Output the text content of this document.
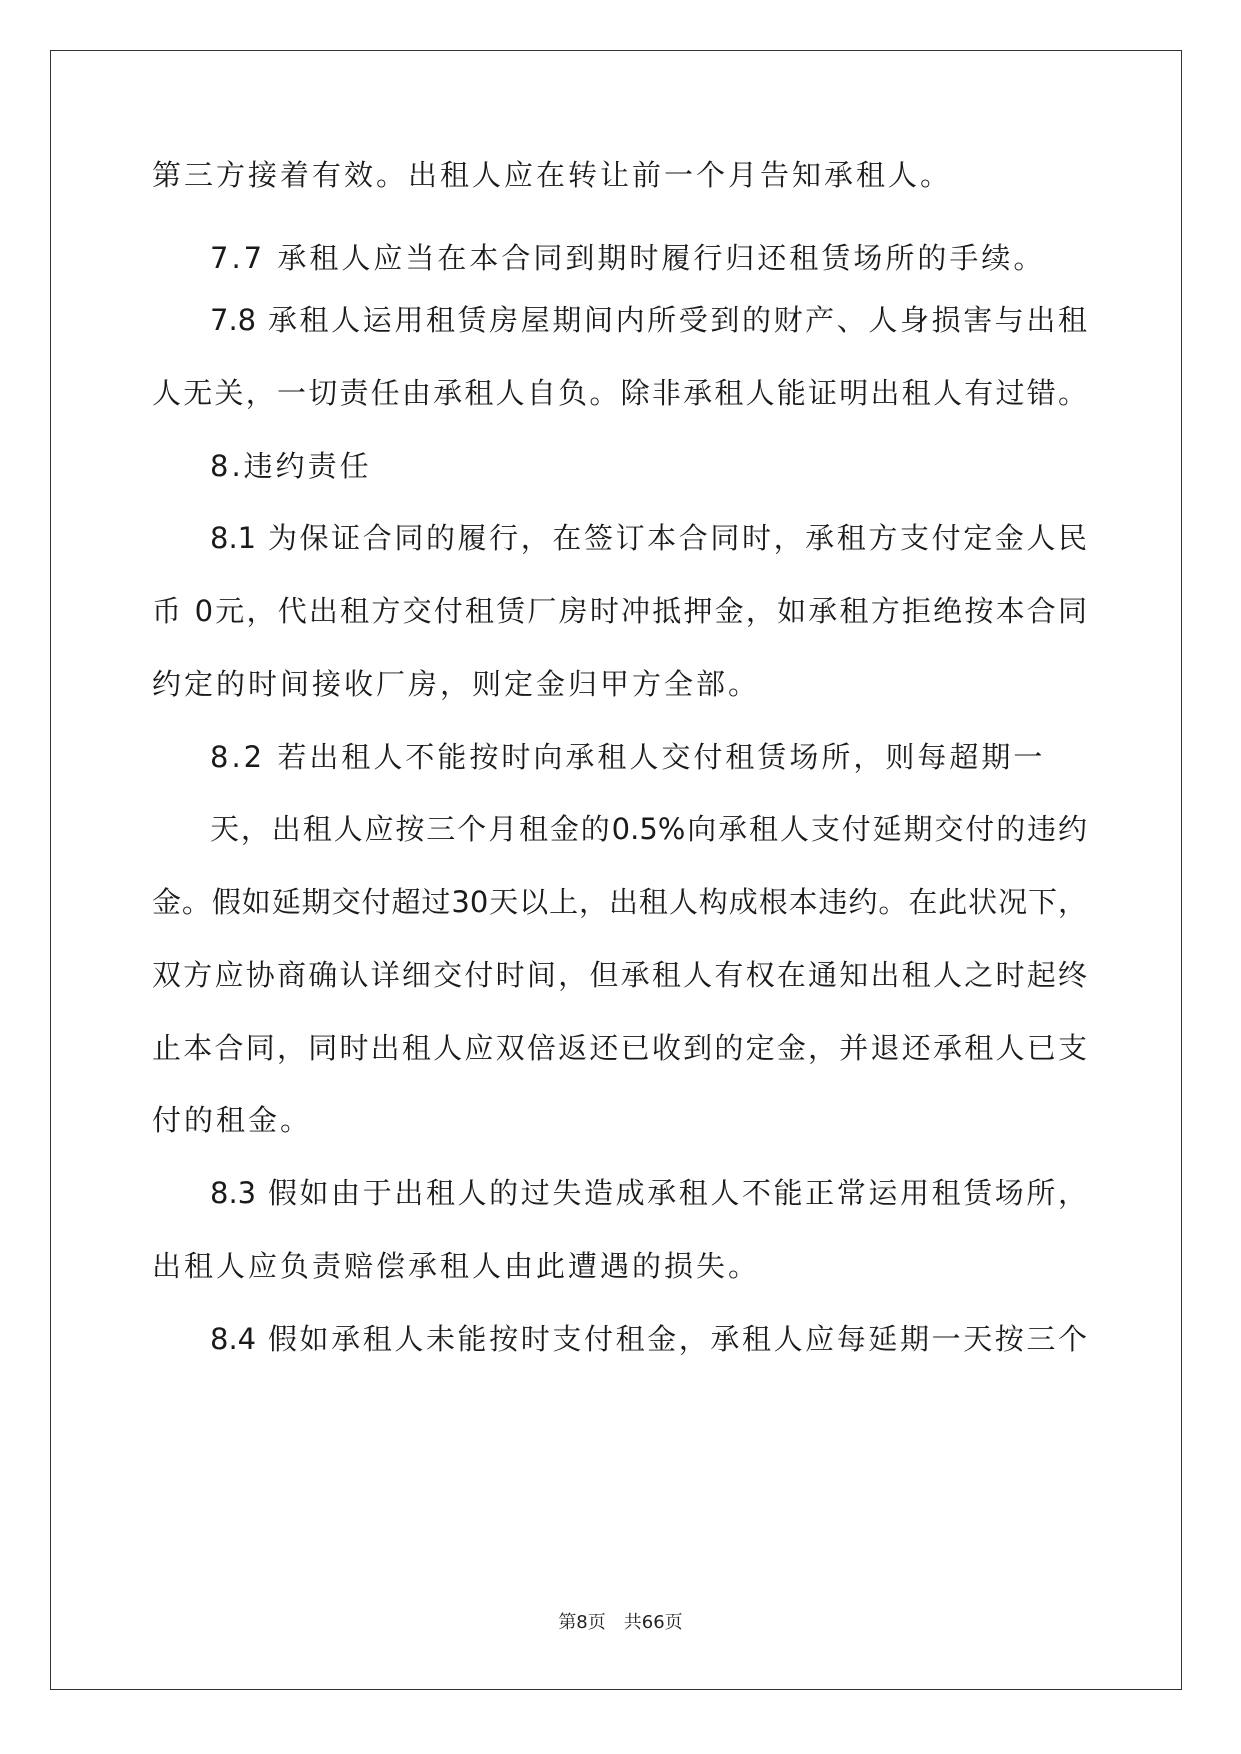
第三方接着有效。出租人应在转让前一个月告知承租人。
7.7 承租人应当在本合同到期时履行归还租赁场所的手续。
7.8 承租人运用租赁房屋期间内所受到的财产、人身损害与出租
人无关，一切责任由承租人自负。除非承租人能证明出租人有过错。
8.违约责任
8.1 为保证合同的履行，在签订本合同时，承租方支付定金人民
币 0元，代出租方交付租赁厂房时冲抵押金，如承租方拒绝按本合同
约定的时间接收厂房，则定金归甲方全部。
8.2 若出租人不能按时向承租人交付租赁场所，则每超期一
天，出租人应按三个月租金的0.5%向承租人支付延期交付的违约
金。假如延期交付超过30天以上，出租人构成根本违约。在此状况下，
双方应协商确认详细交付时间，但承租人有权在通知出租人之时起终
止本合同，同时出租人应双倍返还已收到的定金，并退还承租人已支
付的租金。
8.3 假如由于出租人的过失造成承租人不能正常运用租赁场所，
出租人应负责赔偿承租人由此遭遇的损失。
8.4 假如承租人未能按时支付租金，承租人应每延期一天按三个
第8页　共66页
